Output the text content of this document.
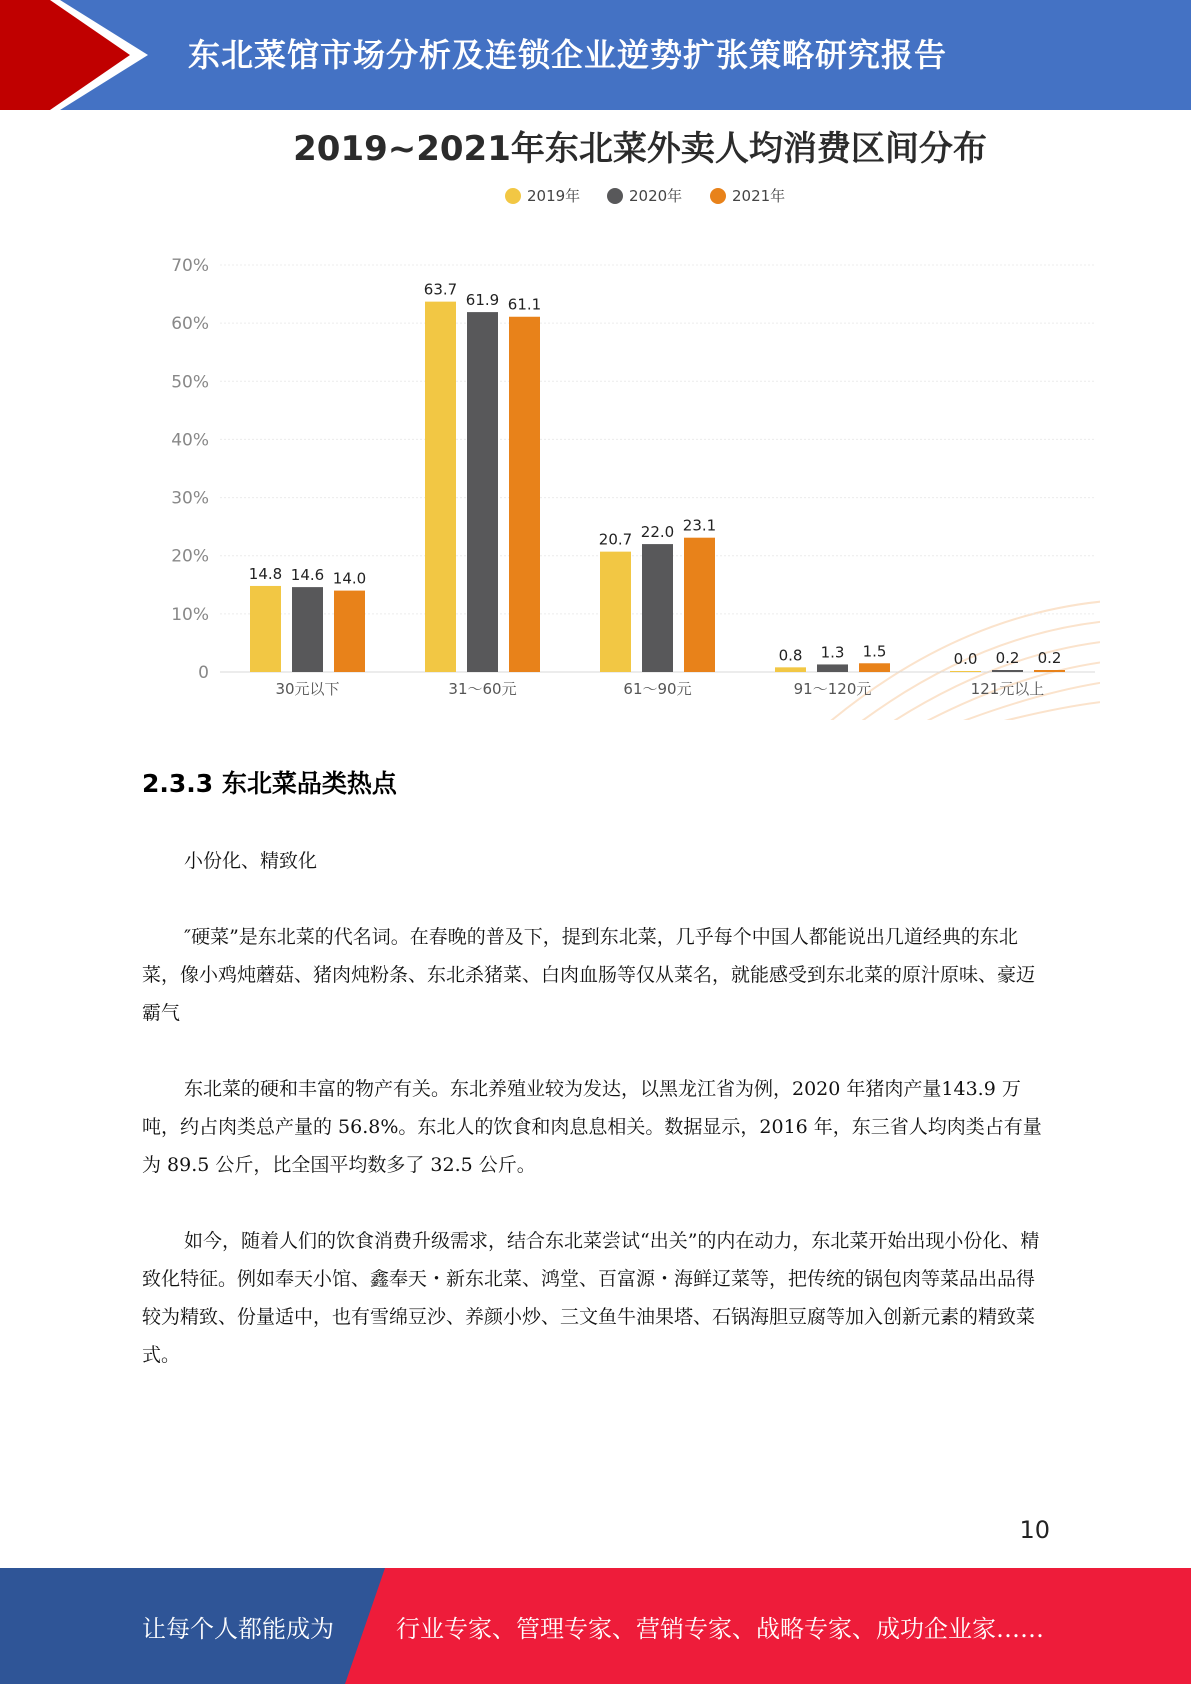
东北菜馆市场分析及连锁企业逆势扩张策略研究报告
2019~2021年东北菜外卖人均消费区间分布
2019年	2020年	2021年
0
10%
20%
30%
40%
50%
60%
70%
14.8 14.6 14.0
63.7
61.9 61.1
20.7 22.0 23.1
0.8 1.3 1.5	0.0 0.2 0.2
30元以下	31～60元	61～90元	91～120元	121元以上
2.3.3 东北菜品类热点

小份化、精致化

″硬菜”是东北菜的代名词。在春晚的普及下，提到东北菜，几乎每个中国人都能说出几道经典的东北菜，像小鸡炖蘑菇、猪肉炖粉条、东北杀猪菜、白肉血肠等仅从菜名，就能感受到东北菜的原汁原味、豪迈霸气

东北菜的硬和丰富的物产有关。东北养殖业较为发达，以黑龙江省为例，2020 年猪肉产量143.9 万吨，约占肉类总产量的 56.8%。东北人的饮食和肉息息相关。数据显示，2016 年，东三省人均肉类占有量为 89.5 公斤，比全国平均数多了 32.5 公斤。

如今，随着人们的饮食消费升级需求，结合东北菜尝试“出关”的内在动力，东北菜开始出现小份化、精致化特征。例如奉天小馆、鑫奉天・新东北菜、鸿堂、百富源・海鲜辽菜等，把传统的锅包肉等菜品出品得较为精致、份量适中，也有雪绵豆沙、养颜小炒、三文鱼牛油果塔、石锅海胆豆腐等加入创新元素的精致菜式。

10
让每个人都能成为	行业专家、管理专家、营销专家、战略专家、成功企业家……
